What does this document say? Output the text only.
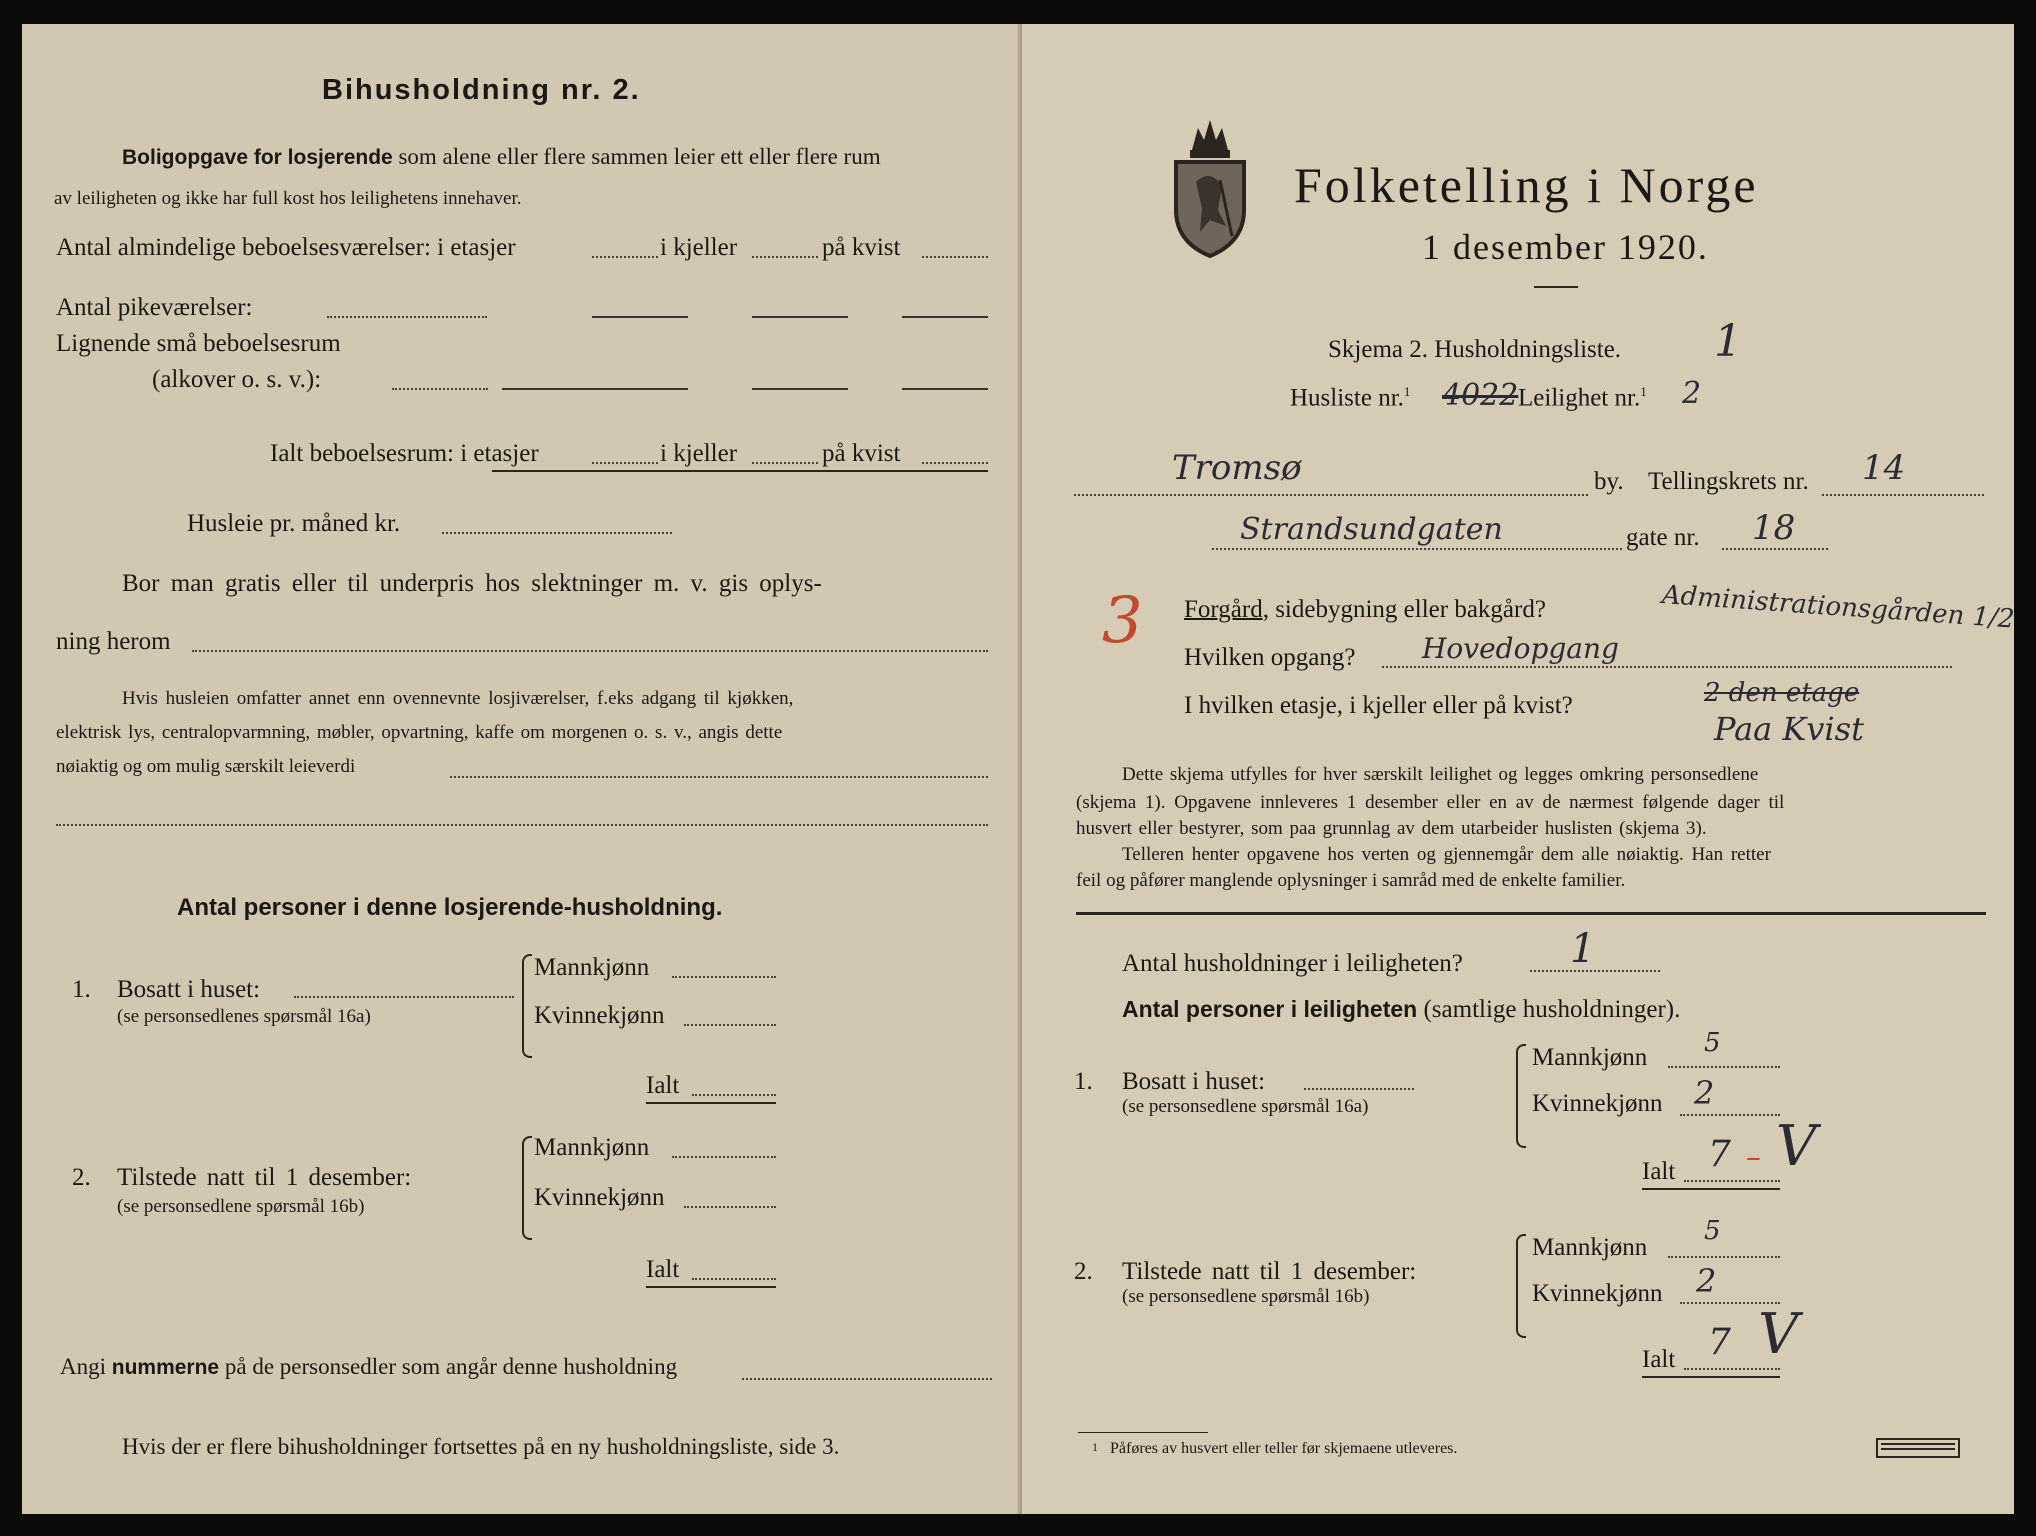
Bihusholdning nr. 2.
Boligopgave for losjerende som alene eller flere sammen leier ett eller flere rum
av leiligheten og ikke har full kost hos leilighetens innehaver.
Antal almindelige beboelsesværelser: i etasjer	i kjeller	på kvist
Antal pikeværelser:
Lignende små beboelsesrum
(alkover o. s. v.):
Ialt beboelsesrum: i etasjer	i kjeller	på kvist
Husleie pr. måned kr.
Bor man gratis eller til underpris hos slektninger m. v. gis oplys-
ning herom
Hvis husleien omfatter annet enn ovennevnte losjiværelser, f.eks adgang til kjøkken,
elektrisk lys, centralopvarmning, møbler, opvartning, kaffe om morgenen o. s. v., angis dette
nøiaktig og om mulig særskilt leieverdi
Antal personer i denne losjerende-husholdning.
1. Bosatt i huset:
(se personsedlenes spørsmål 16a)
Mannkjønn
Kvinnekjønn
Ialt
2. Tilstede natt til 1 desember:
(se personsedlene spørsmål 16b)
Mannkjønn
Kvinnekjønn
Ialt
Angi nummerne på de personsedler som angår denne husholdning
Hvis der er flere bihusholdninger fortsettes på en ny husholdningsliste, side 3.
Folketelling i Norge
1 desember 1920.
Skjema 2. Husholdningsliste. 1
Husliste nr.$^1$ 4022 Leilighet nr.$^1$ 2
Tromsø	by. Tellingskrets nr. 14
Strandsundgaten	gate nr. 18
3 Forgård, sidebygning eller bakgård?	Administrationsgården 1/2
Hvilken opgang? Hovedopgang
I hvilken etasje, i kjeller eller på kvist?	2 den etage
Paa Kvist
Dette skjema utfylles for hver særskilt leilighet og legges omkring personsedlene
(skjema 1). Opgavene innleveres 1 desember eller en av de nærmest følgende dager til
husvert eller bestyrer, som paa grunnlag av dem utarbeider huslisten (skjema 3).
Telleren henter opgavene hos verten og gjennemgår dem alle nøiaktig. Han retter
feil og påfører manglende oplysninger i samråd med de enkelte familier.
Antal husholdninger i leiligheten?	1
Antal personer i leiligheten (samtlige husholdninger).
1. Bosatt i huset:
(se personsedlene spørsmål 16a)
Mannkjønn 5
Kvinnekjønn 2
Ialt 7 – V
2. Tilstede natt til 1 desember:
(se personsedlene spørsmål 16b)
Mannkjønn
5
Kvinnekjønn 2
Ialt 7 V
$^1$ Påføres av husvert eller teller før skjemaene utleveres.
